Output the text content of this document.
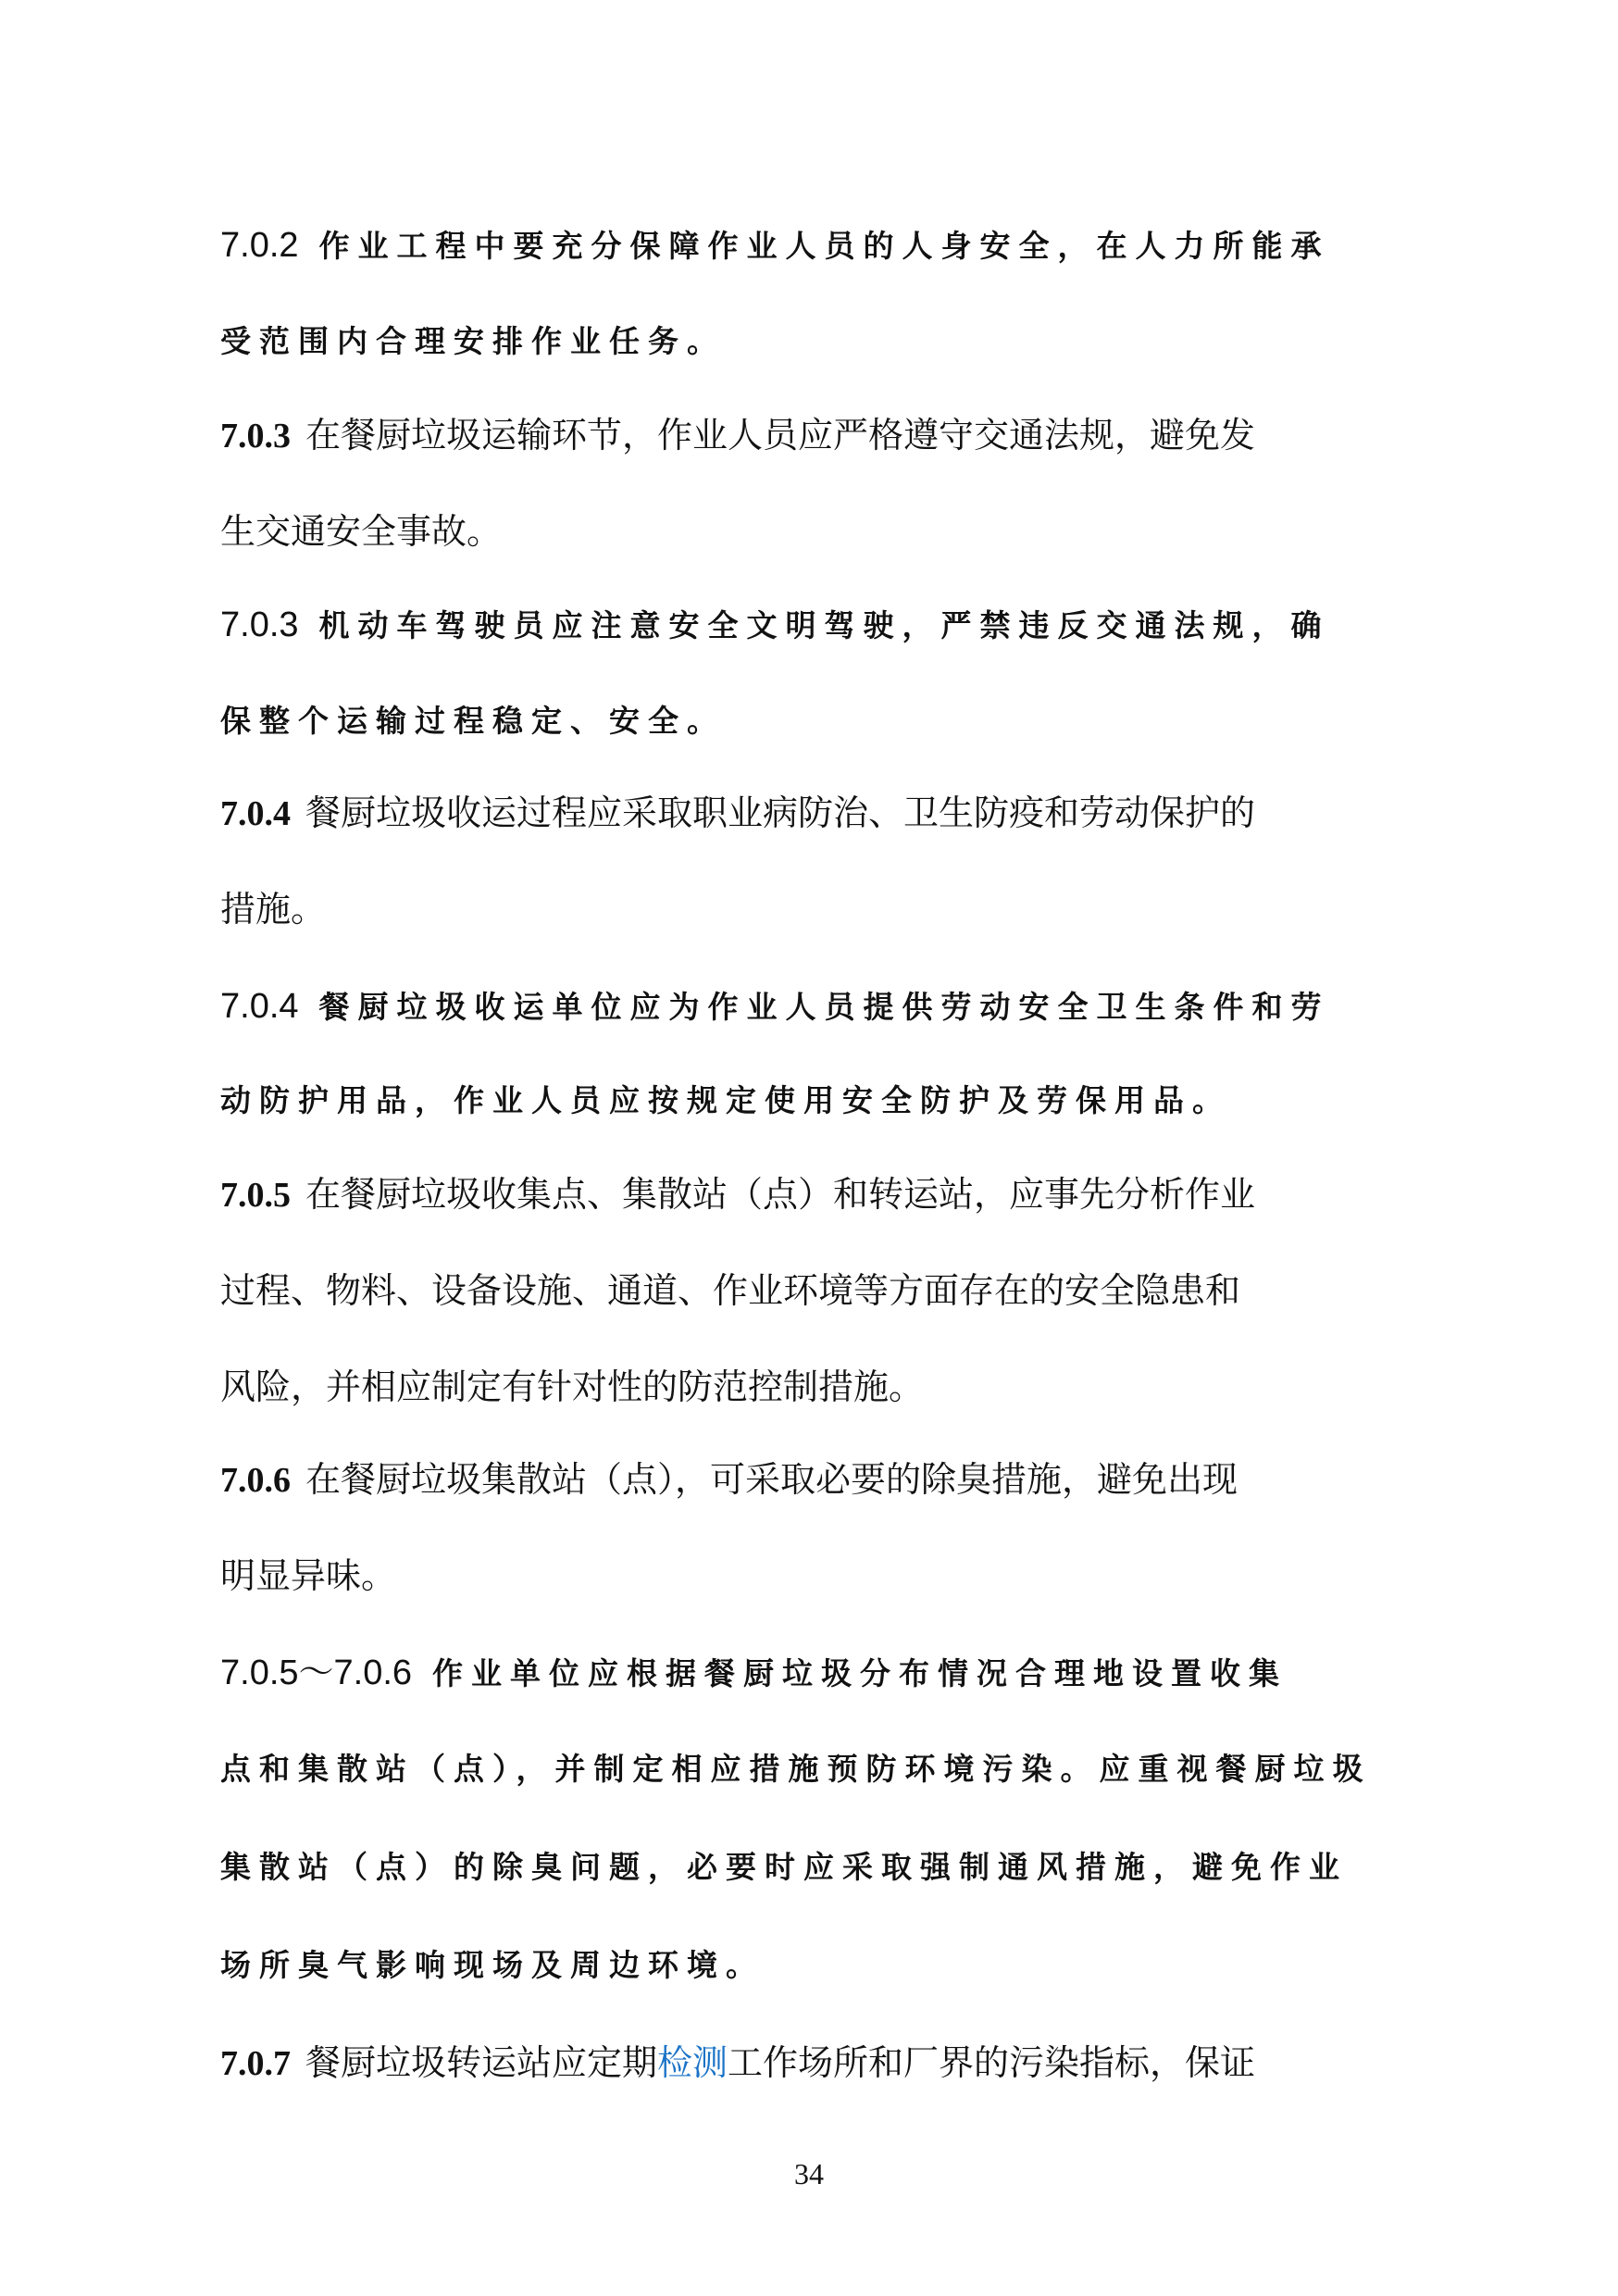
7.0.2 作业工程中要充分保障作业人员的人身安全，在人力所能承
受范围内合理安排作业任务。
7.0.3 在餐厨垃圾运输环节，作业人员应严格遵守交通法规，避免发
生交通安全事故。
7.0.3 机动车驾驶员应注意安全文明驾驶，严禁违反交通法规，确
保整个运输过程稳定、安全。
7.0.4 餐厨垃圾收运过程应采取职业病防治、卫生防疫和劳动保护的
措施。
7.0.4 餐厨垃圾收运单位应为作业人员提供劳动安全卫生条件和劳
动防护用品，作业人员应按规定使用安全防护及劳保用品。
7.0.5 在餐厨垃圾收集点、集散站（点）和转运站，应事先分析作业
过程、物料、设备设施、通道、作业环境等方面存在的安全隐患和
风险，并相应制定有针对性的防范控制措施。
7.0.6 在餐厨垃圾集散站（点），可采取必要的除臭措施，避免出现
明显异味。
7.0.5～7.0.6 作业单位应根据餐厨垃圾分布情况合理地设置收集
点和集散站（点），并制定相应措施预防环境污染。应重视餐厨垃圾
集散站（点）的除臭问题，必要时应采取强制通风措施，避免作业
场所臭气影响现场及周边环境。
7.0.7 餐厨垃圾转运站应定期检测工作场所和厂界的污染指标，保证
34
